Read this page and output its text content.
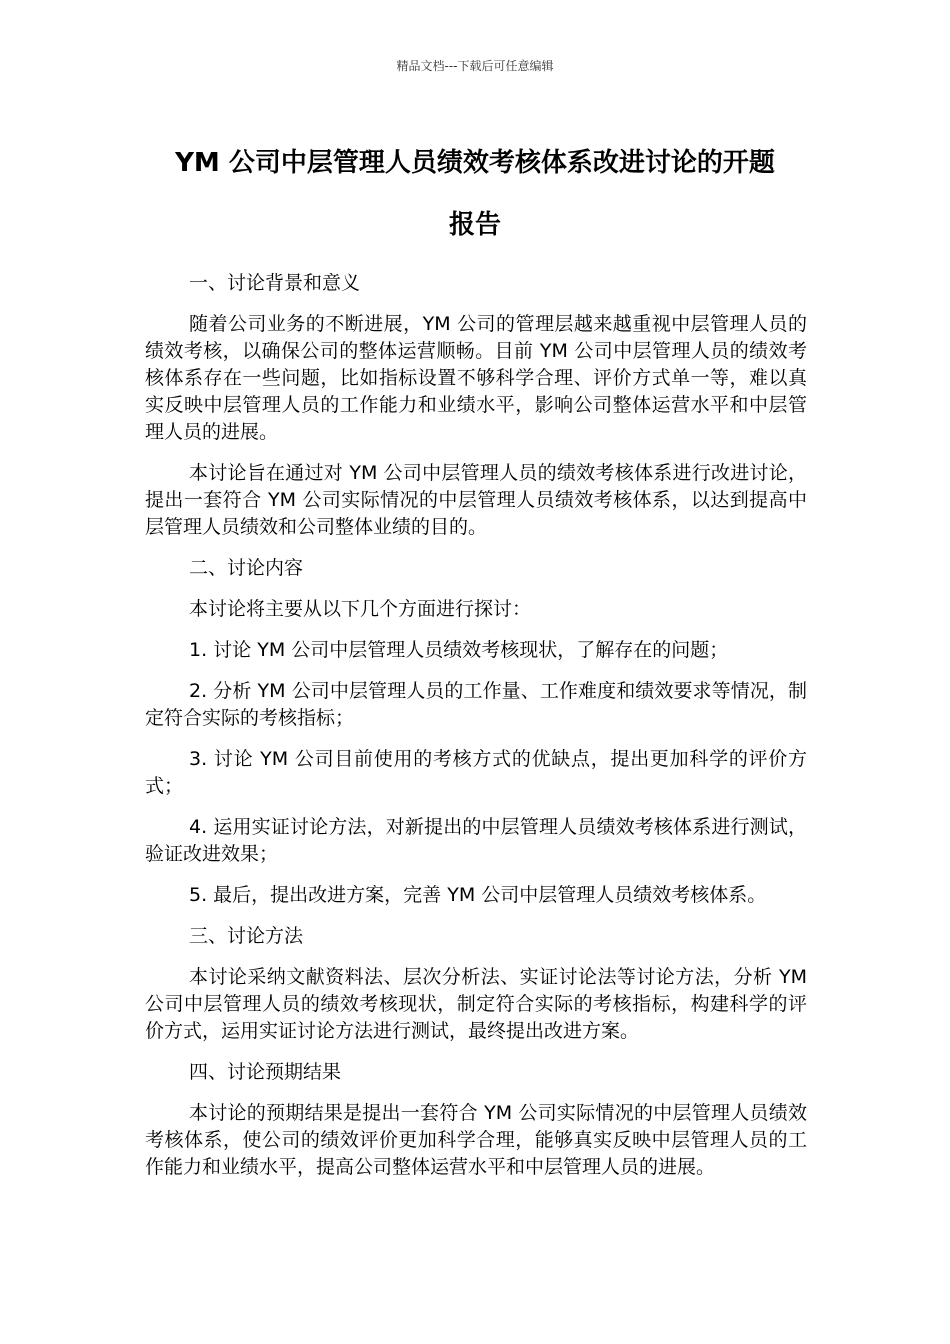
精品文档---下载后可任意编辑
YM 公司中层管理人员绩效考核体系改进讨论的开题
报告

一、讨论背景和意义

随着公司业务的不断进展，YM 公司的管理层越来越重视中层管理人员的绩效考核，以确保公司的整体运营顺畅。目前 YM 公司中层管理人员的绩效考核体系存在一些问题，比如指标设置不够科学合理、评价方式单一等，难以真实反映中层管理人员的工作能力和业绩水平，影响公司整体运营水平和中层管理人员的进展。

本讨论旨在通过对 YM 公司中层管理人员的绩效考核体系进行改进讨论，提出一套符合 YM 公司实际情况的中层管理人员绩效考核体系，以达到提高中层管理人员绩效和公司整体业绩的目的。

二、讨论内容

本讨论将主要从以下几个方面进行探讨：

1. 讨论 YM 公司中层管理人员绩效考核现状，了解存在的问题；

2. 分析 YM 公司中层管理人员的工作量、工作难度和绩效要求等情况，制定符合实际的考核指标；

3. 讨论 YM 公司目前使用的考核方式的优缺点，提出更加科学的评价方式；

4. 运用实证讨论方法，对新提出的中层管理人员绩效考核体系进行测试，验证改进效果；

5. 最后，提出改进方案，完善 YM 公司中层管理人员绩效考核体系。

三、讨论方法

本讨论采纳文献资料法、层次分析法、实证讨论法等讨论方法，分析 YM 公司中层管理人员的绩效考核现状，制定符合实际的考核指标，构建科学的评价方式，运用实证讨论方法进行测试，最终提出改进方案。

四、讨论预期结果

本讨论的预期结果是提出一套符合 YM 公司实际情况的中层管理人员绩效考核体系，使公司的绩效评价更加科学合理，能够真实反映中层管理人员的工作能力和业绩水平，提高公司整体运营水平和中层管理人员的进展。
